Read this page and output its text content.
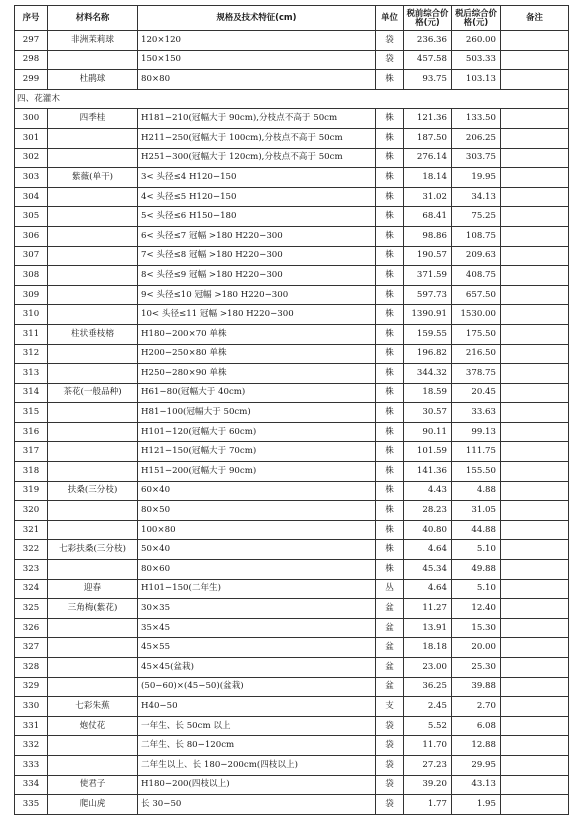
序号	材料名称	规格及技术特征(cm)	单位	税前综合价格(元)	税后综合价格(元)	备注
297	非洲茉莉球	120×120	袋	236.36	260.00	
298		150×150	袋	457.58	503.33	
299	杜鹃球	80×80	株	93.75	103.13	
四、花灌木						
300	四季桂	H181−210(冠幅大于 90cm),分枝点不高于 50cm	株	121.36	133.50	
301		H211−250(冠幅大于 100cm),分枝点不高于 50cm	株	187.50	206.25	
302		H251−300(冠幅大于 120cm),分枝点不高于 50cm	株	276.14	303.75	
303	紫薇(单干)	3< 头径≤4 H120−150	株	18.14	19.95	
304		4< 头径≤5 H120−150	株	31.02	34.13	
305		5< 头径≤6 H150−180	株	68.41	75.25	
306		6< 头径≤7 冠幅 >180 H220−300	株	98.86	108.75	
307		7< 头径≤8 冠幅 >180 H220−300	株	190.57	209.63	
308		8< 头径≤9 冠幅 >180 H220−300	株	371.59	408.75	
309		9< 头径≤10 冠幅 >180 H220−300	株	597.73	657.50	
310		10< 头径≤11 冠幅 >180 H220−300	株	1390.91	1530.00	
311	柱状垂枝榕	H180−200×70 单株	株	159.55	175.50	
312		H200−250×80 单株	株	196.82	216.50	
313		H250−280×90 单株	株	344.32	378.75	
314	茶花(一般品种)	H61−80(冠幅大于 40cm)	株	18.59	20.45	
315		H81−100(冠幅大于 50cm)	株	30.57	33.63	
316		H101−120(冠幅大于 60cm)	株	90.11	99.13	
317		H121−150(冠幅大于 70cm)	株	101.59	111.75	
318		H151−200(冠幅大于 90cm)	株	141.36	155.50	
319	扶桑(三分枝)	60×40	株	4.43	4.88	
320		80×50	株	28.23	31.05	
321		100×80	株	40.80	44.88	
322	七彩扶桑(三分枝)	50×40	株	4.64	5.10	
323		80×60	株	45.34	49.88	
324	迎春	H101−150(二年生)	丛	4.64	5.10	
325	三角梅(紫花)	30×35	盆	11.27	12.40	
326		35×45	盆	13.91	15.30	
327		45×55	盆	18.18	20.00	
328		45×45(盆栽)	盆	23.00	25.30	
329		(50−60)×(45−50)(盆栽)	盆	36.25	39.88	
330	七彩朱蕉	H40−50	支	2.45	2.70	
331	炮仗花	一年生、长 50cm 以上	袋	5.52	6.08	
332		二年生、长 80−120cm	袋	11.70	12.88	
333		二年生以上、长 180−200cm(四枝以上)	袋	27.23	29.95	
334	使君子	H180−200(四枝以上)	袋	39.20	43.13	
335	爬山虎	长 30−50	袋	1.77	1.95	
